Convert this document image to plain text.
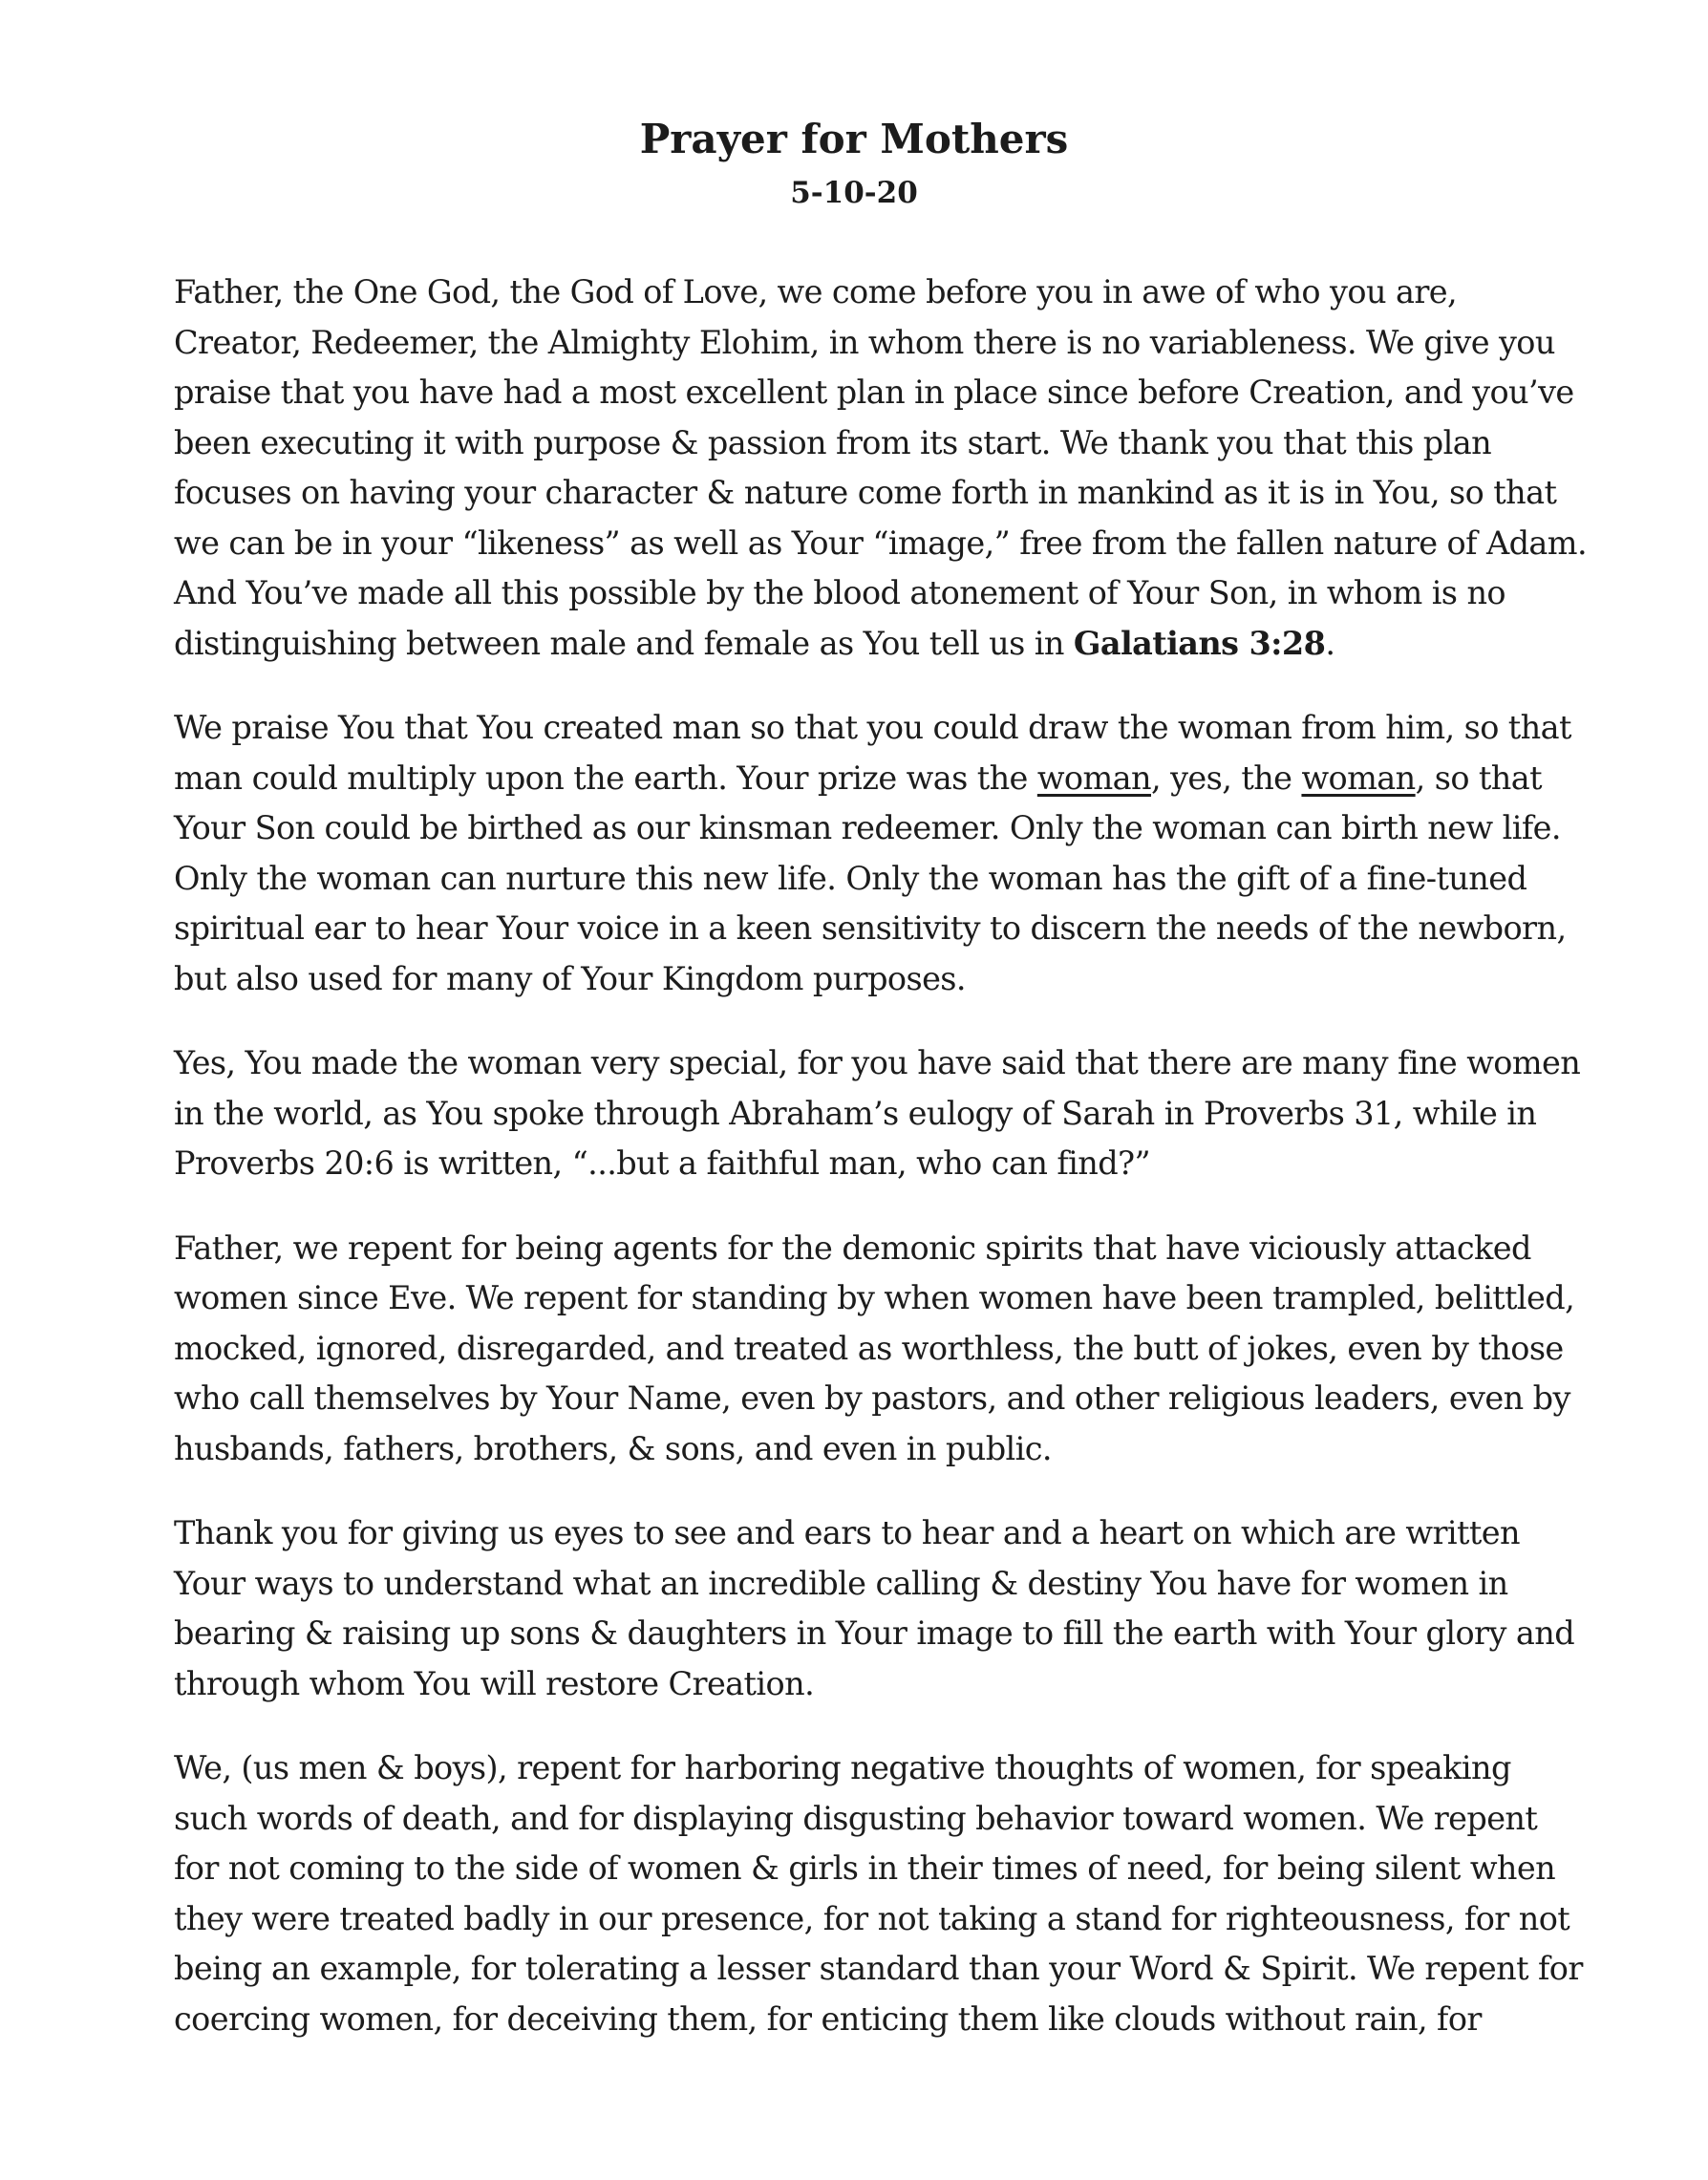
Prayer for Mothers
5-10-20

Father, the One God, the God of Love, we come before you in awe of who you are, Creator, Redeemer, the Almighty Elohim, in whom there is no variableness. We give you praise that you have had a most excellent plan in place since before Creation, and you’ve been executing it with purpose & passion from its start. We thank you that this plan focuses on having your character & nature come forth in mankind as it is in You, so that we can be in your “likeness” as well as Your “image,” free from the fallen nature of Adam. And You’ve made all this possible by the blood atonement of Your Son, in whom is no distinguishing between male and female as You tell us in Galatians 3:28.

We praise You that You created man so that you could draw the woman from him, so that man could multiply upon the earth. Your prize was the woman, yes, the woman, so that Your Son could be birthed as our kinsman redeemer. Only the woman can birth new life. Only the woman can nurture this new life. Only the woman has the gift of a fine-tuned spiritual ear to hear Your voice in a keen sensitivity to discern the needs of the newborn, but also used for many of Your Kingdom purposes.

Yes, You made the woman very special, for you have said that there are many fine women in the world, as You spoke through Abraham’s eulogy of Sarah in Proverbs 31, while in Proverbs 20:6 is written, “...but a faithful man, who can find?”

Father, we repent for being agents for the demonic spirits that have viciously attacked women since Eve. We repent for standing by when women have been trampled, belittled, mocked, ignored, disregarded, and treated as worthless, the butt of jokes, even by those who call themselves by Your Name, even by pastors, and other religious leaders, even by husbands, fathers, brothers, & sons, and even in public.

Thank you for giving us eyes to see and ears to hear and a heart on which are written Your ways to understand what an incredible calling & destiny You have for women in bearing & raising up sons & daughters in Your image to fill the earth with Your glory and through whom You will restore Creation.

We, (us men & boys), repent for harboring negative thoughts of women, for speaking such words of death, and for displaying disgusting behavior toward women. We repent for not coming to the side of women & girls in their times of need, for being silent when they were treated badly in our presence, for not taking a stand for righteousness, for not being an example, for tolerating a lesser standard than your Word & Spirit. We repent for coercing women, for deceiving them, for enticing them like clouds without rain, for
